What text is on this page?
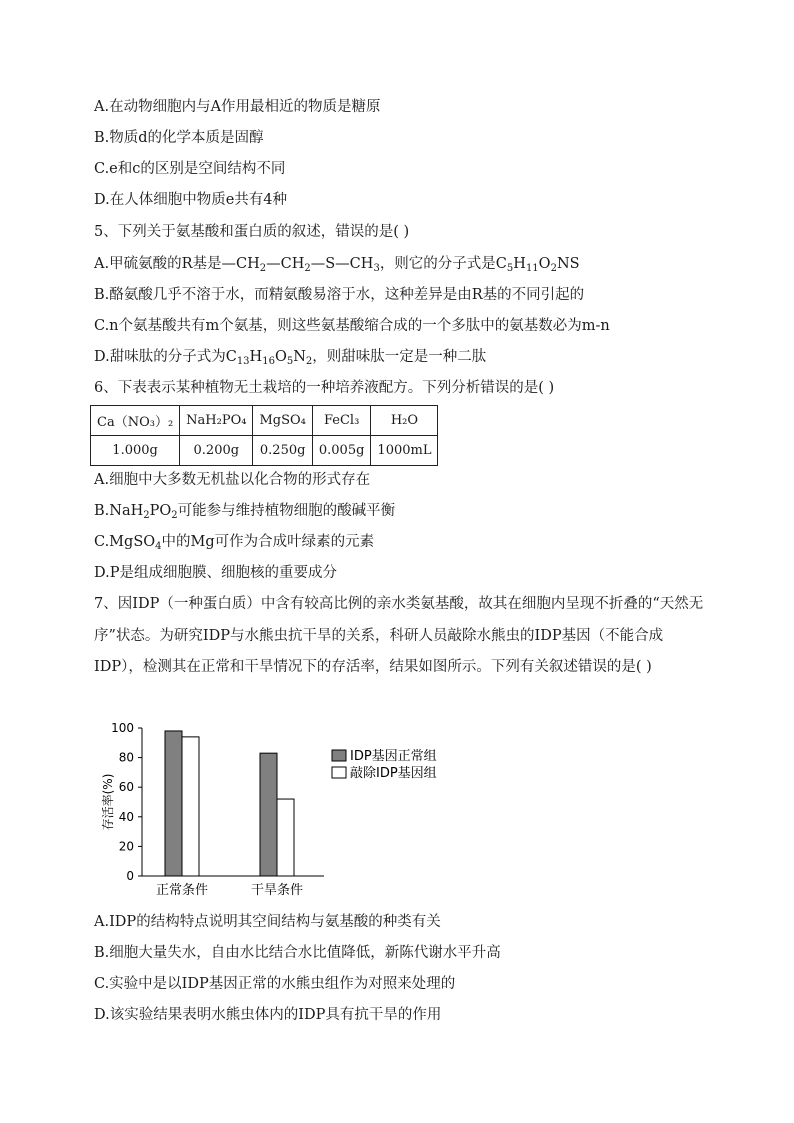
A.在动物细胞内与A作用最相近的物质是糖原
B.物质d的化学本质是固醇
C.e和c的区别是空间结构不同
D.在人体细胞中物质e共有4种
5、下列关于氨基酸和蛋白质的叙述，错误的是( )
A.甲硫氨酸的R基是$—CH_2—CH_2—S—CH_3$，则它的分子式是$C_5H_{11}O_2NS$
B.酪氨酸几乎不溶于水，而精氨酸易溶于水，这种差异是由R基的不同引起的
C.n个氨基酸共有m个氨基，则这些氨基酸缩合成的一个多肽中的氨基数必为m-n
D.甜味肽的分子式为$C_{13}H_{16}O_5N_2$，则甜味肽一定是一种二肽
6、下表表示某种植物无土栽培的一种培养液配方。下列分析错误的是( )
Ca（NO₃）₂	NaH₂PO₄	MgSO₄	FeCl₃	H₂O
1.000g	0.200g	0.250g	0.005g	1000mL
A.细胞中大多数无机盐以化合物的形式存在
$B.NaH_2PO_2$可能参与维持植物细胞的酸碱平衡
C.MgSO$_4$中的Mg可作为合成叶绿素的元素
D.P是组成细胞膜、细胞核的重要成分
7、因IDP（一种蛋白质）中含有较高比例的亲水类氨基酸，故其在细胞内呈现不折叠的“天然无序”状态。为研究IDP与水熊虫抗干旱的关系，科研人员敲除水熊虫的IDP基因（不能合成IDP），检测其在正常和干旱情况下的存活率，结果如图所示。下列有关叙述错误的是( )
0
20
40
60
80
100
存活率(%)
正常条件	干旱条件
IDP基因正常组
敲除IDP基因组
A.IDP的结构特点说明其空间结构与氨基酸的种类有关
B.细胞大量失水，自由水比结合水比值降低，新陈代谢水平升高
C.实验中是以IDP基因正常的水熊虫组作为对照来处理的
D.该实验结果表明水熊虫体内的IDP具有抗干旱的作用
